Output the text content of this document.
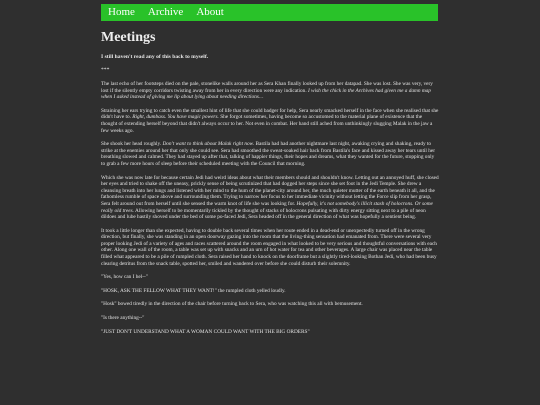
Home Archive About
Meetings
I still haven't read any of this back to myself.
***

The last echo of her footsteps died on the pale, stonelike walls around her as Sera Khan finally looked up from her datapad. She was lost. She was very, very lost if the silently empty corridors twisting away from her in every direction were any indication. I wish the chick in the Archives had given me a damn map when I asked instead of giving me lip about lying about needing directions…

Straining her ears trying to catch even the smallest hint of life that she could badger for help, Sera nearly smacked herself in the face when she realised that she didn't have to. Right, dumbass. You have magic powers. She forgot sometimes, having become so accustomed to the material plane of existence that the thought of extending herself beyond that didn't always occur to her. Not even in combat. Her hand still ached from unthinkingly slugging Malak in the jaw a few weeks ago.

She shook her head roughly. Don't want to think about Malak right now. Bastila had had another nightmare last night, awaking crying and shaking, ready to strike at the enemies around her that only she could see. Sera had smoothed the sweat-soaked hair back from Bastila's face and kissed away her tears until her breathing slowed and calmed. They had stayed up after that, talking of happier things, their hopes and dreams, what they wanted for the future, stopping only to grab a few more hours of sleep before their scheduled meeting with the Council that morning.

Which she was now late for because certain Jedi had weird ideas about what their members should and shouldn't know. Letting out an annoyed huff, she closed her eyes and tried to shake off the uneasy, prickly sense of being scrutinized that had dogged her steps since she set foot in the Jedi Temple. She drew a cleansing breath into her lungs and listened with her mind to the hum of the planet-city around her, the much quieter mutter of the earth beneath it all, and the fathomless rumble of space above and surrounding them. Trying to narrow her focus to her immediate vicinity without letting the Force slip from her grasp, Sera felt around out from herself until she sensed the warm knot of life she was looking for. Hopefully, it's not somebody's illicit stash of holocrons. Or some really old trees. Allowing herself to be momentarily tickled by the thought of stacks of holocrons pulsating with dirty energy sitting next to a pile of neon dildoes and lube hastily shoved under the bed of some po-faced Jedi, Sera headed off in the general direction of what was hopefully a sentient being.

It took a little longer than she expected, having to double back several times when her route ended in a dead-end or unexpectedly turned off in the wrong direction, but finally, she was standing in an open doorway gazing into the room that the living-thing sensation had emanated from. There were several very proper looking Jedi of a variety of ages and races scattered around the room engaged in what looked to be very serious and thoughtful conversations with each other. Along one wall of the room, a table was set up with snacks and an urn of hot water for tea and other beverages. A large chair was placed near the table filled what appeared to be a pile of rumpled cloth. Sera raised her hand to knock on the doorframe but a slightly tired-looking Bothan Jedi, who had been busy clearing detritus from the snack table, spotted her, smiled and wandered over before she could disturb their solemnity.

"Yes, how can I hel--"

"HOSK, ASK THE FELLOW WHAT THEY WANT!" the rumpled cloth yelled loudly.

"Hosk" bowed tiredly in the direction of the chair before turning back to Sera, who was watching this all with bemusement.

"Is there anything--"

"JUST DON'T UNDERSTAND WHAT A WOMAN COULD WANT WITH THE BIG ORDERS"
